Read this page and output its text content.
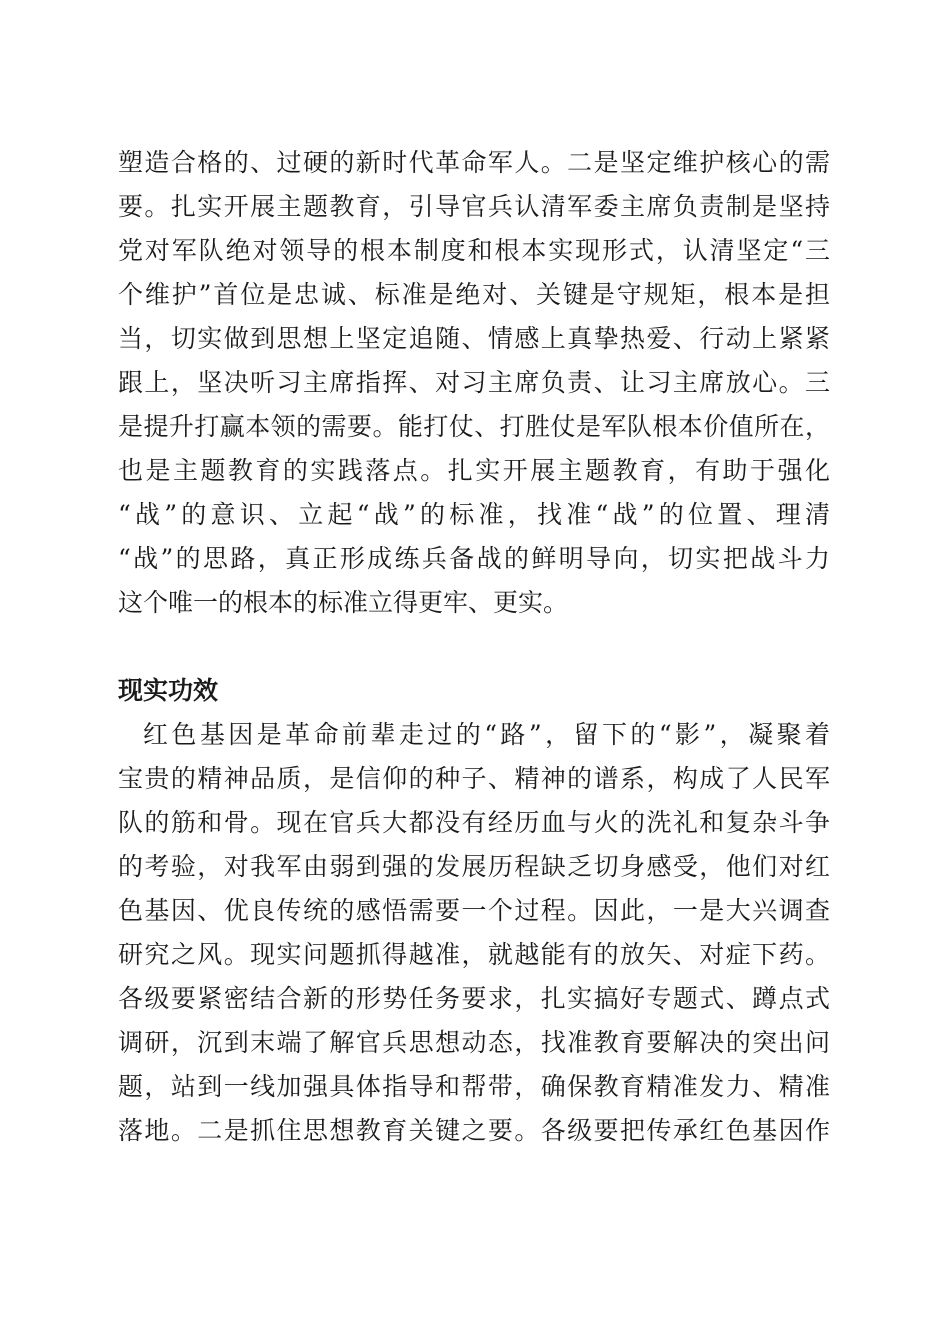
塑造合格的、过硬的新时代革命军人。二是坚定维护核心的需
要。扎实开展主题教育，引导官兵认清军委主席负责制是坚持
党对军队绝对领导的根本制度和根本实现形式，认清坚定“三
个维护”首位是忠诚、标准是绝对、关键是守规矩，根本是担
当，切实做到思想上坚定追随、情感上真挚热爱、行动上紧紧
跟上，坚决听习主席指挥、对习主席负责、让习主席放心。三
是提升打赢本领的需要。能打仗、打胜仗是军队根本价值所在，
也是主题教育的实践落点。扎实开展主题教育，有助于强化
“战”的意识、立起“战”的标准，找准“战”的位置、理清
“战”的思路，真正形成练兵备战的鲜明导向，切实把战斗力
这个唯一的根本的标准立得更牢、更实。
现实功效
红色基因是革命前辈走过的“路”，留下的“影”，凝聚着
宝贵的精神品质，是信仰的种子、精神的谱系，构成了人民军
队的筋和骨。现在官兵大都没有经历血与火的洗礼和复杂斗争
的考验，对我军由弱到强的发展历程缺乏切身感受，他们对红
色基因、优良传统的感悟需要一个过程。因此，一是大兴调查
研究之风。现实问题抓得越准，就越能有的放矢、对症下药。
各级要紧密结合新的形势任务要求，扎实搞好专题式、蹲点式
调研，沉到末端了解官兵思想动态，找准教育要解决的突出问
题，站到一线加强具体指导和帮带，确保教育精准发力、精准
落地。二是抓住思想教育关键之要。各级要把传承红色基因作
